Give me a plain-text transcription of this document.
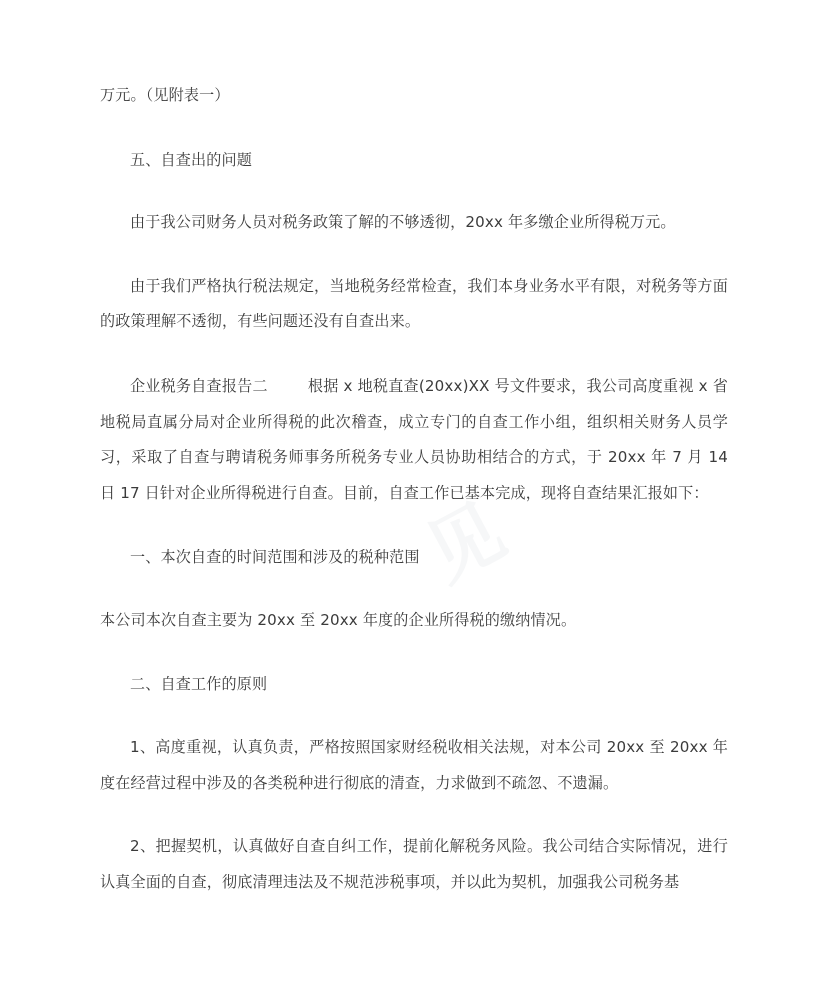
见

万元。（见附表一）

五、自查出的问题

由于我公司财务人员对税务政策了解的不够透彻，20xx 年多缴企业所得税万元。

由于我们严格执行税法规定，当地税务经常检查，我们本身业务水平有限，对税务等方面的政策理解不透彻，有些问题还没有自查出来。

企业税务自查报告二	根据 x 地税直查(20xx)XX 号文件要求，我公司高度重视 x 省地税局直属分局对企业所得税的此次稽查，成立专门的自查工作小组，组织相关财务人员学习，采取了自查与聘请税务师事务所税务专业人员协助相结合的方式，于 20xx 年 7 月 14 日 17 日针对企业所得税进行自查。目前，自查工作已基本完成，现将自查结果汇报如下：

一、本次自查的时间范围和涉及的税种范围

本公司本次自查主要为 20xx 至 20xx 年度的企业所得税的缴纳情况。

二、自查工作的原则

1、高度重视，认真负责，严格按照国家财经税收相关法规，对本公司 20xx 至 20xx 年度在经营过程中涉及的各类税种进行彻底的清查，力求做到不疏忽、不遗漏。

2、把握契机，认真做好自查自纠工作，提前化解税务风险。我公司结合实际情况，进行认真全面的自查，彻底清理违法及不规范涉税事项，并以此为契机，加强我公司税务基
